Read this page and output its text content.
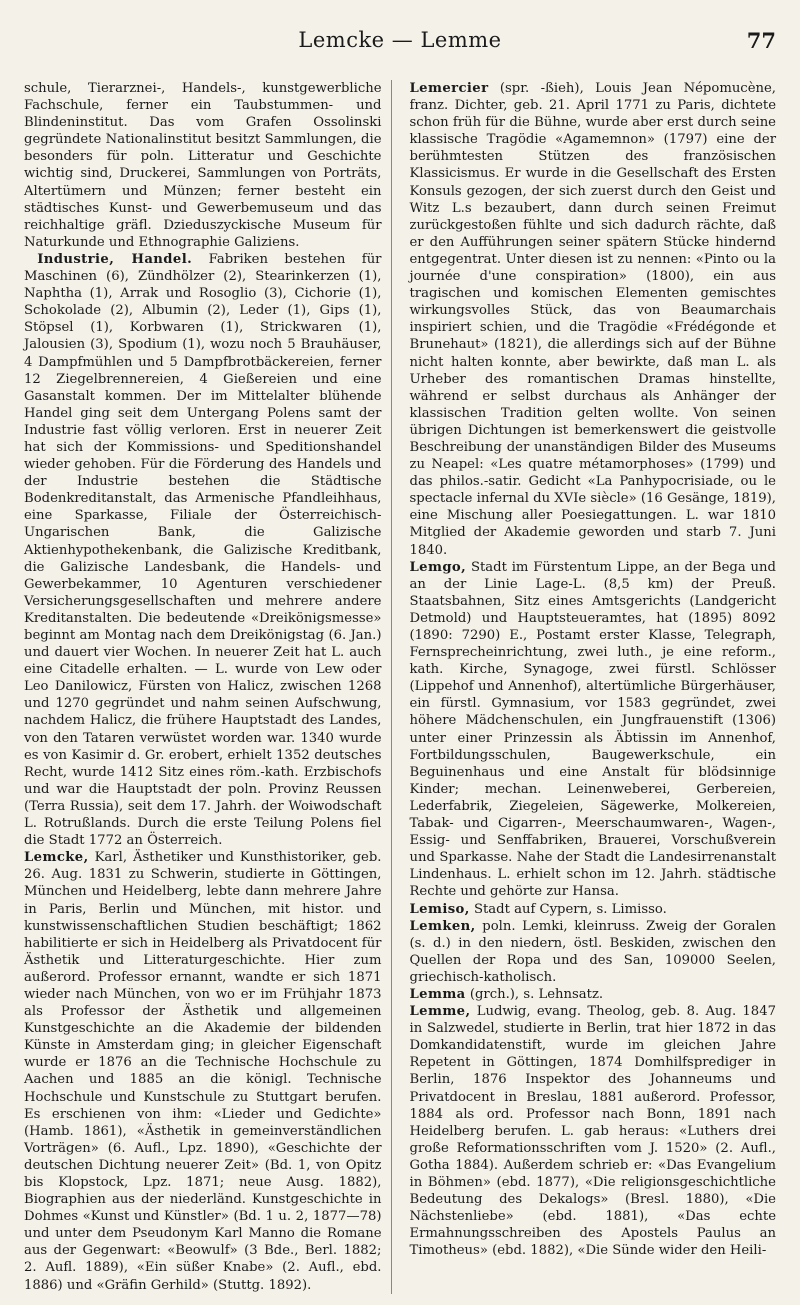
Lemcke — Lemme	77

schule, Tierarznei-, Handels-, kunstgewerbliche Fachschule, ferner ein Taubstummen- und Blindeninstitut. Das vom Grafen Ossolinski gegründete Nationalinstitut besitzt Sammlungen, die besonders für poln. Litteratur und Geschichte wichtig sind, Druckerei, Sammlungen von Porträts, Altertümern und Münzen; ferner besteht ein städtisches Kunst- und Gewerbemuseum und das reichhaltige gräfl. Dzieduszyckische Museum für Naturkunde und Ethnographie Galiziens.

 Industrie, Handel. Fabriken bestehen für Maschinen (6), Zündhölzer (2), Stearinkerzen (1), Naphtha (1), Arrak und Rosoglio (3), Cichorie (1), Schokolade (2), Albumin (2), Leder (1), Gips (1), Stöpsel (1), Korbwaren (1), Strickwaren (1), Jalousien (3), Spodium (1), wozu noch 5 Brauhäuser, 4 Dampfmühlen und 5 Dampfbrotbäckereien, ferner 12 Ziegelbrennereien, 4 Gießereien und eine Gasanstalt kommen. Der im Mittelalter blühende Handel ging seit dem Untergang Polens samt der Industrie fast völlig verloren. Erst in neuerer Zeit hat sich der Kommissions- und Speditionshandel wieder gehoben. Für die Förderung des Handels und der Industrie bestehen die Städtische Bodenkreditanstalt, das Armenische Pfandleihhaus, eine Sparkasse, Filiale der Österreichisch-Ungarischen Bank, die Galizische Aktienhypothekenbank, die Galizische Kreditbank, die Galizische Landesbank, die Handels- und Gewerbekammer, 10 Agenturen verschiedener Versicherungsgesellschaften und mehrere andere Kreditanstalten. Die bedeutende «Dreikönigsmesse» beginnt am Montag nach dem Dreikönigstag (6. Jan.) und dauert vier Wochen. In neuerer Zeit hat L. auch eine Citadelle erhalten. — L. wurde von Lew oder Leo Danilowicz, Fürsten von Halicz, zwischen 1268 und 1270 gegründet und nahm seinen Aufschwung, nachdem Halicz, die frühere Hauptstadt des Landes, von den Tataren verwüstet worden war. 1340 wurde es von Kasimir d. Gr. erobert, erhielt 1352 deutsches Recht, wurde 1412 Sitz eines röm.-kath. Erzbischofs und war die Hauptstadt der poln. Provinz Reussen (Terra Russia), seit dem 17. Jahrh. der Woiwodschaft L. Rotrußlands. Durch die erste Teilung Polens fiel die Stadt 1772 an Österreich.

Lemcke, Karl, Ästhetiker und Kunsthistoriker, geb. 26. Aug. 1831 zu Schwerin, studierte in Göttingen, München und Heidelberg, lebte dann mehrere Jahre in Paris, Berlin und München, mit histor. und kunstwissenschaftlichen Studien beschäftigt; 1862 habilitierte er sich in Heidelberg als Privatdocent für Ästhetik und Litteraturgeschichte. Hier zum außerord. Professor ernannt, wandte er sich 1871 wieder nach München, von wo er im Frühjahr 1873 als Professor der Ästhetik und allgemeinen Kunstgeschichte an die Akademie der bildenden Künste in Amsterdam ging; in gleicher Eigenschaft wurde er 1876 an die Technische Hochschule zu Aachen und 1885 an die königl. Technische Hochschule und Kunstschule zu Stuttgart berufen. Es erschienen von ihm: «Lieder und Gedichte» (Hamb. 1861), «Ästhetik in gemeinverständlichen Vorträgen» (6. Aufl., Lpz. 1890), «Geschichte der deutschen Dichtung neuerer Zeit» (Bd. 1, von Opitz bis Klopstock, Lpz. 1871; neue Ausg. 1882), Biographien aus der niederländ. Kunstgeschichte in Dohmes «Kunst und Künstler» (Bd. 1 u. 2, 1877—78) und unter dem Pseudonym Karl Manno die Romane aus der Gegenwart: «Beowulf» (3 Bde., Berl. 1882; 2. Aufl. 1889), «Ein süßer Knabe» (2. Aufl., ebd. 1886) und «Gräfin Gerhild» (Stuttg. 1892).

Lemercier (spr. -ßieh), Louis Jean Népomucène, franz. Dichter, geb. 21. April 1771 zu Paris, dichtete schon früh für die Bühne, wurde aber erst durch seine klassische Tragödie «Agamemnon» (1797) eine der berühmtesten Stützen des französischen Klassicismus. Er wurde in die Gesellschaft des Ersten Konsuls gezogen, der sich zuerst durch den Geist und Witz L.s bezaubert, dann durch seinen Freimut zurückgestoßen fühlte und sich dadurch rächte, daß er den Aufführungen seiner spätern Stücke hindernd entgegentrat. Unter diesen ist zu nennen: «Pinto ou la journée d'une conspiration» (1800), ein aus tragischen und komischen Elementen gemischtes wirkungsvolles Stück, das von Beaumarchais inspiriert schien, und die Tragödie «Frédégonde et Brunehaut» (1821), die allerdings sich auf der Bühne nicht halten konnte, aber bewirkte, daß man L. als Urheber des romantischen Dramas hinstellte, während er selbst durchaus als Anhänger der klassischen Tradition gelten wollte. Von seinen übrigen Dichtungen ist bemerkenswert die geistvolle Beschreibung der unanständigen Bilder des Museums zu Neapel: «Les quatre métamorphoses» (1799) und das philos.-satir. Gedicht «La Panhypocrisiade, ou le spectacle infernal du XVIe siècle» (16 Gesänge, 1819), eine Mischung aller Poesiegattungen. L. war 1810 Mitglied der Akademie geworden und starb 7. Juni 1840.

Lemgo, Stadt im Fürstentum Lippe, an der Bega und an der Linie Lage-L. (8,5 km) der Preuß. Staatsbahnen, Sitz eines Amtsgerichts (Landgericht Detmold) und Hauptsteueramtes, hat (1895) 8092 (1890: 7290) E., Postamt erster Klasse, Telegraph, Fernsprecheinrichtung, zwei luth., je eine reform., kath. Kirche, Synagoge, zwei fürstl. Schlösser (Lippehof und Annenhof), altertümliche Bürgerhäuser, ein fürstl. Gymnasium, vor 1583 gegründet, zwei höhere Mädchenschulen, ein Jungfrauenstift (1306) unter einer Prinzessin als Äbtissin im Annenhof, Fortbildungsschulen, Baugewerkschule, ein Beguinenhaus und eine Anstalt für blödsinnige Kinder; mechan. Leinenweberei, Gerbereien, Lederfabrik, Ziegeleien, Sägewerke, Molkereien, Tabak- und Cigarren-, Meerschaumwaren-, Wagen-, Essig- und Senffabriken, Brauerei, Vorschußverein und Sparkasse. Nahe der Stadt die Landesirrenanstalt Lindenhaus. L. erhielt schon im 12. Jahrh. städtische Rechte und gehörte zur Hansa.

Lemiso, Stadt auf Cypern, s. Limisso.

Lemken, poln. Lemki, kleinruss. Zweig der Goralen (s. d.) in den niedern, östl. Beskiden, zwischen den Quellen der Ropa und des San, 109000 Seelen, griechisch-katholisch.

Lemma (grch.), s. Lehnsatz.

Lemme, Ludwig, evang. Theolog, geb. 8. Aug. 1847 in Salzwedel, studierte in Berlin, trat hier 1872 in das Domkandidatenstift, wurde im gleichen Jahre Repetent in Göttingen, 1874 Domhilfsprediger in Berlin, 1876 Inspektor des Johanneums und Privatdocent in Breslau, 1881 außerord. Professor, 1884 als ord. Professor nach Bonn, 1891 nach Heidelberg berufen. L. gab heraus: «Luthers drei große Reformationsschriften vom J. 1520» (2. Aufl., Gotha 1884). Außerdem schrieb er: «Das Evangelium in Böhmen» (ebd. 1877), «Die religionsgeschichtliche Bedeutung des Dekalogs» (Bresl. 1880), «Die Nächstenliebe» (ebd. 1881), «Das echte Ermahnungsschreiben des Apostels Paulus an Timotheus» (ebd. 1882), «Die Sünde wider den Heili-
